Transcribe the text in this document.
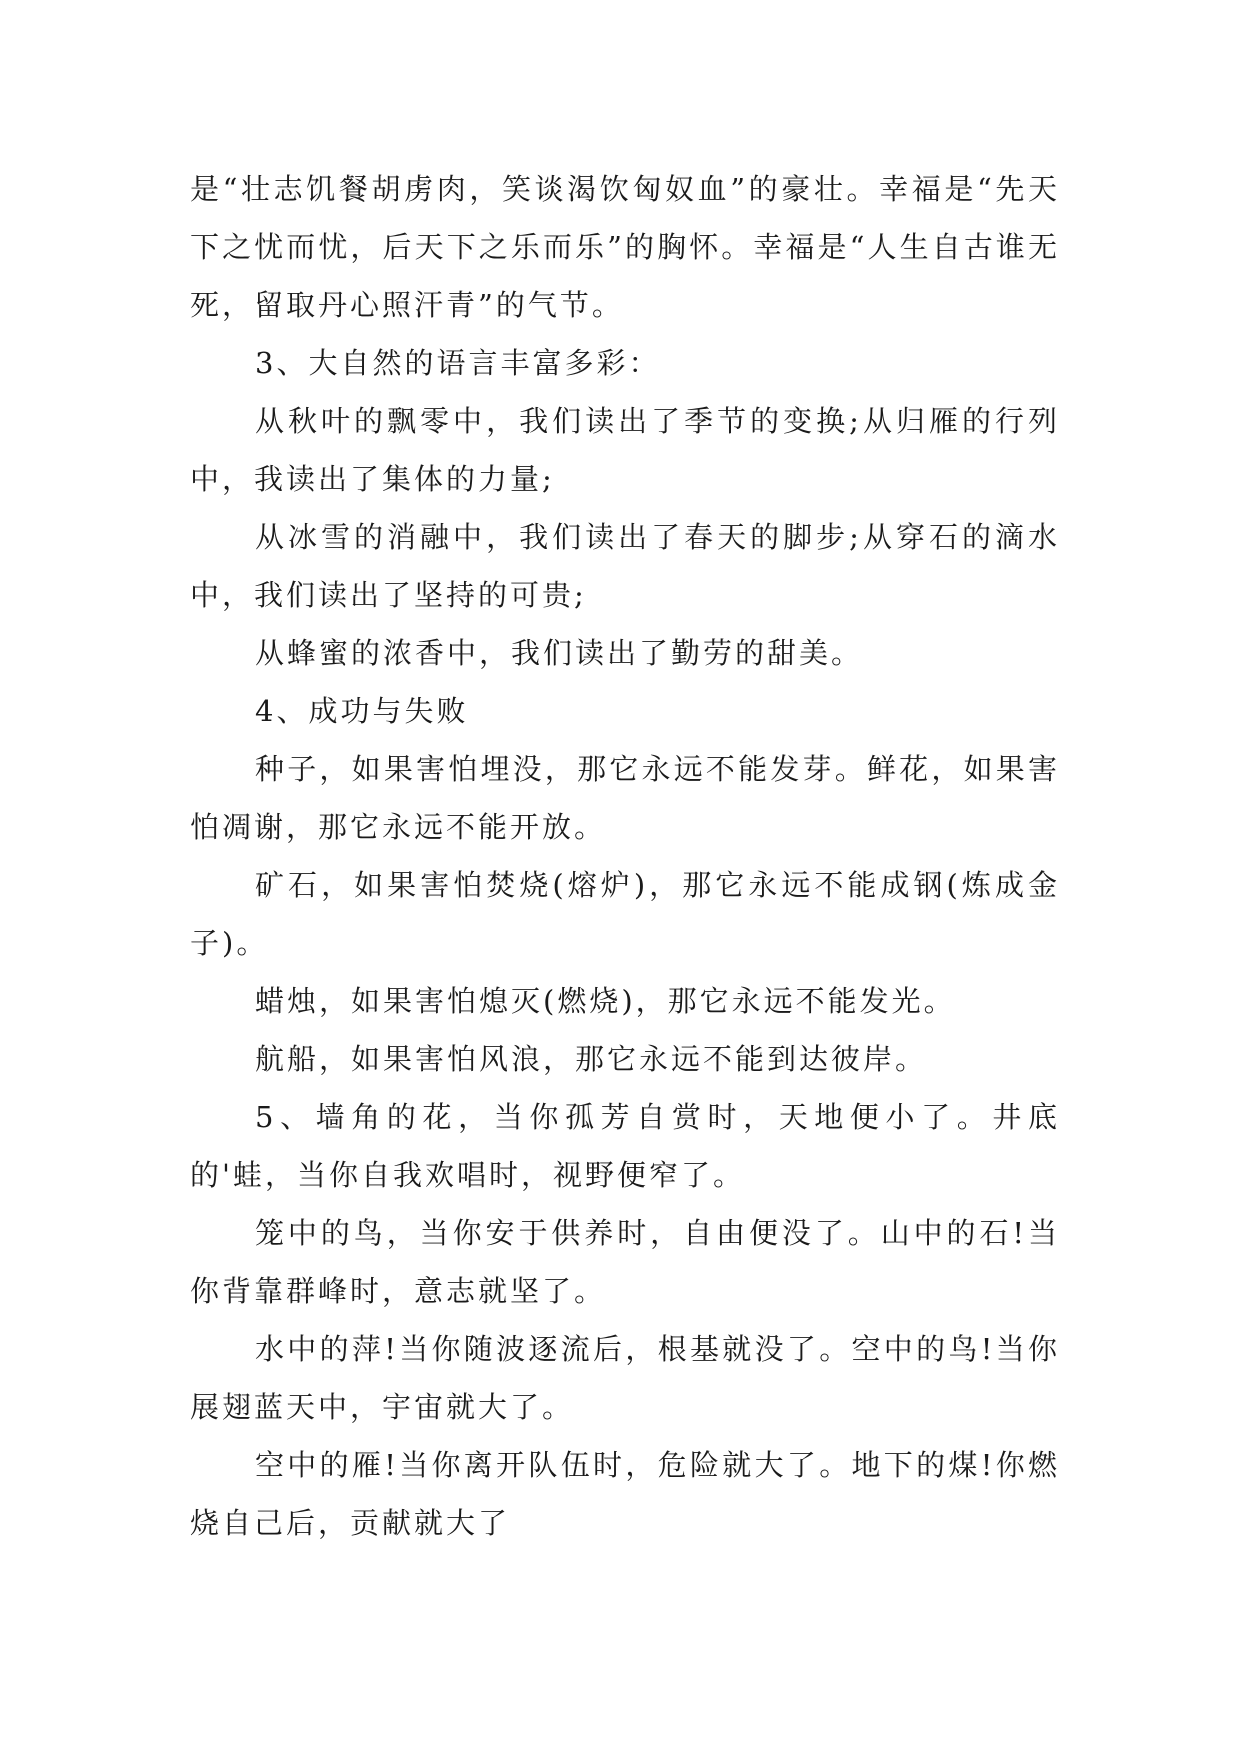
是“壮志饥餐胡虏肉，笑谈渴饮匈奴血”的豪壮。幸福是“先天下之忧而忧，后天下之乐而乐”的胸怀。幸福是“人生自古谁无死，留取丹心照汗青”的气节。

3、大自然的语言丰富多彩：

从秋叶的飘零中，我们读出了季节的变换;从归雁的行列中，我读出了集体的力量;

从冰雪的消融中，我们读出了春天的脚步;从穿石的滴水中，我们读出了坚持的可贵;

从蜂蜜的浓香中，我们读出了勤劳的甜美。

4、成功与失败

种子，如果害怕埋没，那它永远不能发芽。鲜花，如果害怕凋谢，那它永远不能开放。

矿石，如果害怕焚烧(熔炉)，那它永远不能成钢(炼成金子)。

蜡烛，如果害怕熄灭(燃烧)，那它永远不能发光。

航船，如果害怕风浪，那它永远不能到达彼岸。

5、墙角的花，当你孤芳自赏时，天地便小了。井底的'蛙，当你自我欢唱时，视野便窄了。

笼中的鸟，当你安于供养时，自由便没了。山中的石!当你背靠群峰时，意志就坚了。

水中的萍!当你随波逐流后，根基就没了。空中的鸟!当你展翅蓝天中，宇宙就大了。

空中的雁!当你离开队伍时，危险就大了。地下的煤!你燃烧自己后，贡献就大了
